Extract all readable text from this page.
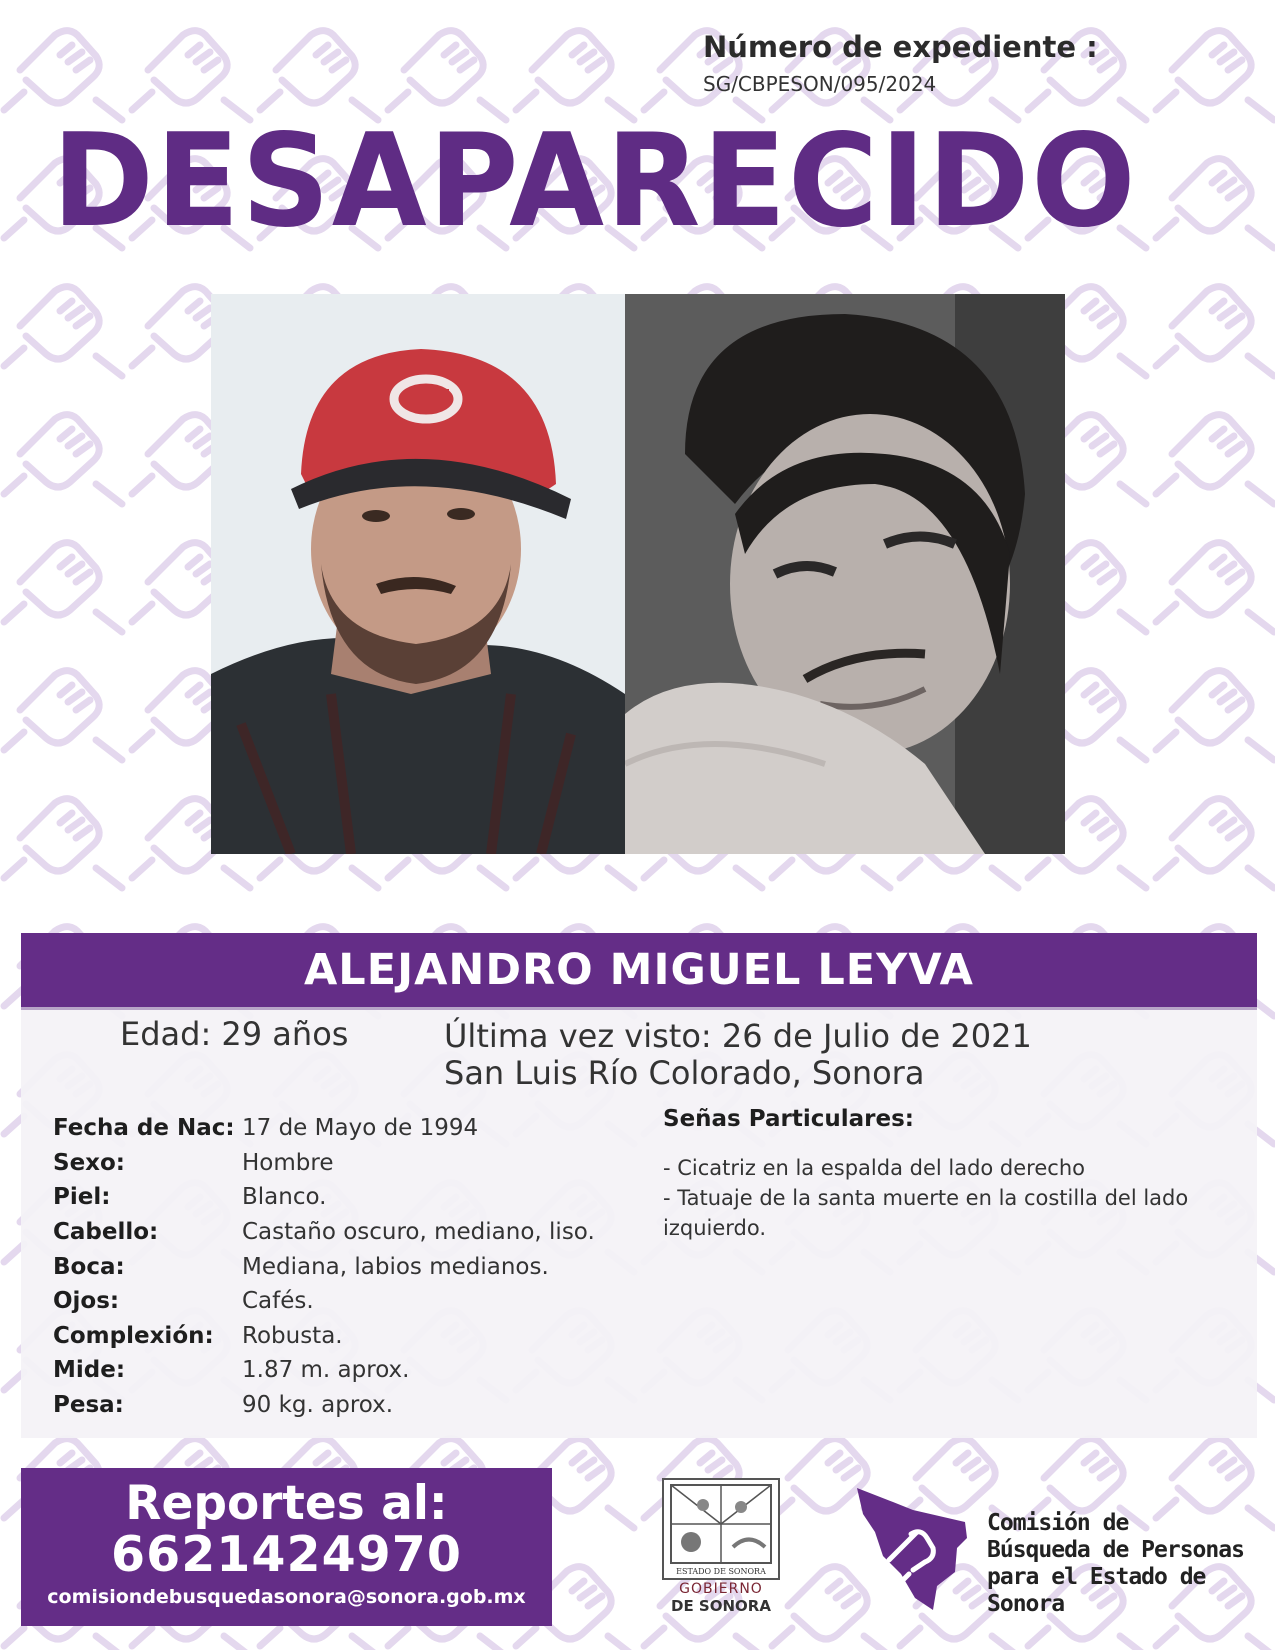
Número de expediente :
SG/CBPESON/095/2024
DESAPARECIDO
ALEJANDRO MIGUEL LEYVA
Edad: 29 años	Última vez visto: 26 de Julio de 2021
San Luis Río Colorado, Sonora
Fecha de Nac: 17 de Mayo de 1994
Sexo:	Hombre
Piel:	Blanco.
Cabello:	Castaño oscuro, mediano, liso.
Boca:	Mediana, labios medianos.
Ojos:	Cafés.
Complexión:	Robusta.
Mide:	1.87 m. aprox.
Pesa:	90 kg. aprox.
Señas Particulares:
- Cicatriz en la espalda del lado derecho
- Tatuaje de la santa muerte en la costilla del lado izquierdo.
Reportes al:
6621424970
comisiondebusquedasonora@sonora.gob.mx
ESTADO DE SONORA
GOBIERNO
DE SONORA
Comisión de
Búsqueda de Personas
para el Estado de Sonora
